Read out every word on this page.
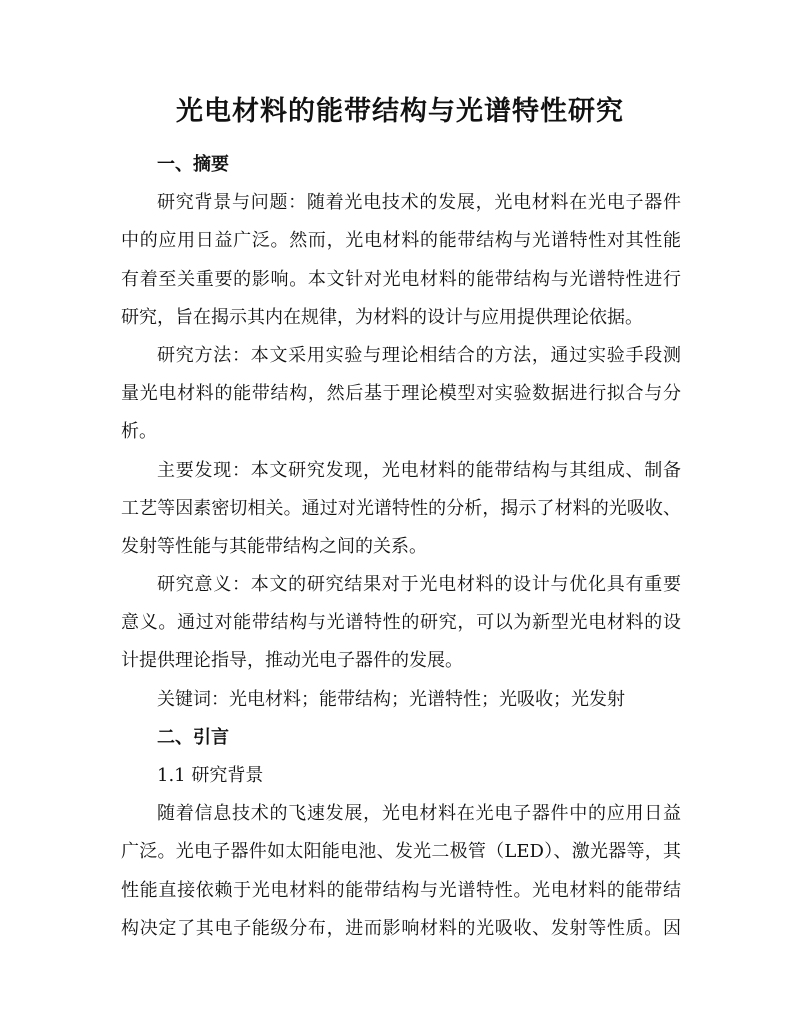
光电材料的能带结构与光谱特性研究

一、摘要

研究背景与问题：随着光电技术的发展，光电材料在光电子器件

中的应用日益广泛。然而，光电材料的能带结构与光谱特性对其性能

有着至关重要的影响。本文针对光电材料的能带结构与光谱特性进行

研究，旨在揭示其内在规律，为材料的设计与应用提供理论依据。

研究方法：本文采用实验与理论相结合的方法，通过实验手段测

量光电材料的能带结构，然后基于理论模型对实验数据进行拟合与分

析。

主要发现：本文研究发现，光电材料的能带结构与其组成、制备

工艺等因素密切相关。通过对光谱特性的分析，揭示了材料的光吸收、

发射等性能与其能带结构之间的关系。

研究意义：本文的研究结果对于光电材料的设计与优化具有重要

意义。通过对能带结构与光谱特性的研究，可以为新型光电材料的设

计提供理论指导，推动光电子器件的发展。

关键词：光电材料；能带结构；光谱特性；光吸收；光发射

二、引言

1.1 研究背景

随着信息技术的飞速发展，光电材料在光电子器件中的应用日益

广泛。光电子器件如太阳能电池、发光二极管（LED）、激光器等，其

性能直接依赖于光电材料的能带结构与光谱特性。光电材料的能带结

构决定了其电子能级分布，进而影响材料的光吸收、发射等性质。因
